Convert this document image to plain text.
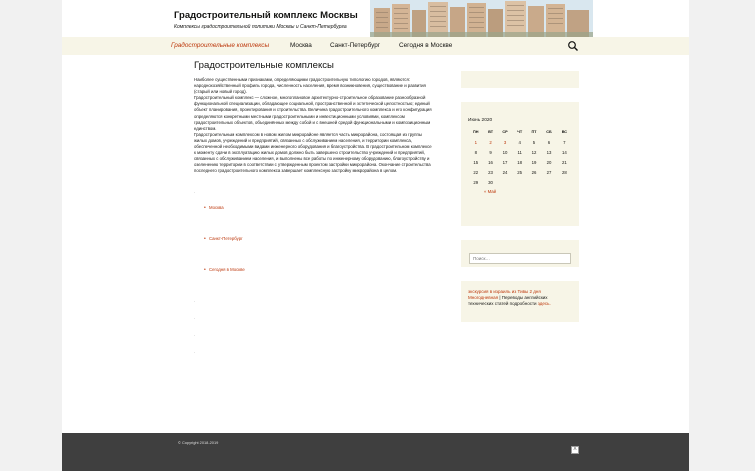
Градостроительный комплекс Москвы
Комплексы градостроительной политики Москвы и Санкт-Петербурга
Градостроительные комплексы	Москва	Санкт-Петербург	Сегодня в Москве
Градостроительные комплексы

Наиболее существенными признаками, определяющими градостроительную типологию городов, являются: народнохозяйственный профиль города, численность населения, время возникновения, существование и развития (старый или новый город).

Градостроительный комплекс — сложное, многоплановое архитектурно-строительное образование разнообразной функциональной специализации, обладающее социальной, пространственной и эстетической целостностью; единый объект планирования, проектирования и строительства. Величина градостроительного комплекса и его конфигурация определяются конкретными местными градостроительными и инвестиционными условиями, комплексом градостроительных объектов, объединённых между собой и с внешней средой функциональными и композиционным единством.

Градостроительным комплексом в новом жилом микрорайоне является часть микрорайона, состоящая из группы жилых домов, учреждений и предприятий, связанных с обслуживанием населения, и территории комплекса, обеспеченной необходимыми видами инженерного оборудования и благоустройства. В градостроительном комплексе к моменту сдачи в эксплуатацию жилых домов должно быть завершено строительство учреждений и предприятий, связанных с обслуживанием населения, и выполнены все работы по инженерному оборудованию, благоустройству и озеленению территории в соответствии с утвержденным проектом застройки микрорайона. Окончание строительства последнего градостроительного комплекса завершает комплексную застройку микрорайона в целом.

.
• Москва
• Санкт-Петербург
• Сегодня в Москве
.
.
.
.
Июнь 2020
ПН	ВТ	СР	ЧТ	ПТ	СБ	ВС
1	2	3	4	5	6	7
8	9	10	11	12	13	14
15	16	17	18	19	20	21
22	23	24	25	26	27	28
29	30					
« Май
Поиск…
экскурсия в израиль из Тивы 2 дня Многодневная | Переводы английских технических статей подробности здесь.
© Copyright 2018-2019
˄
